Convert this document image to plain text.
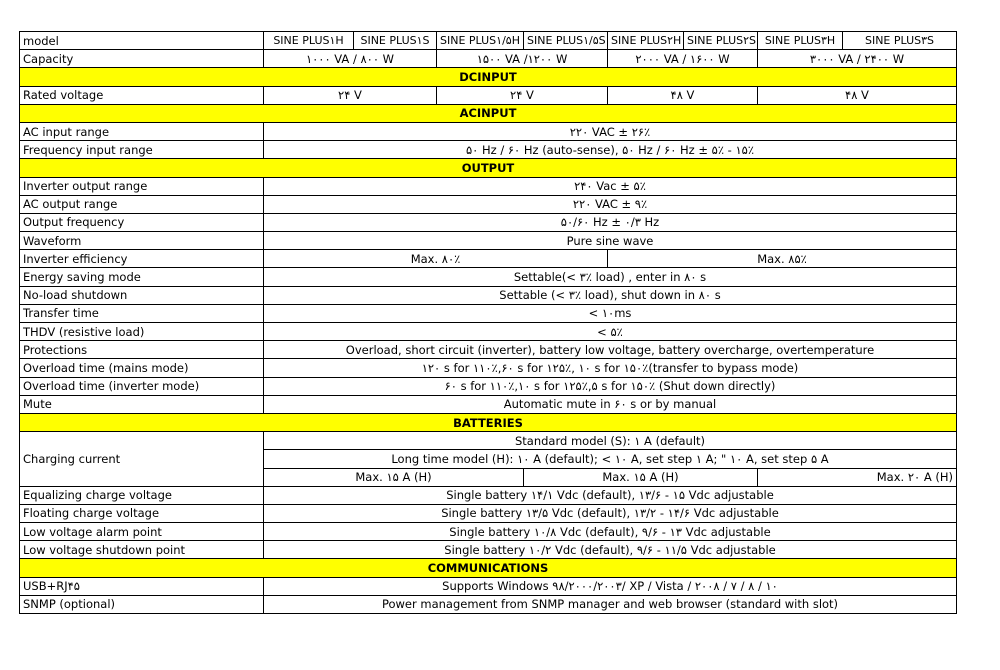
model	SINE PLUS۱H	SINE PLUS۱S	SINE PLUS۱/۵H	SINE PLUS۱/۵S	SINE PLUS۲H	SINE PLUS۲S	SINE PLUS۳H	SINE PLUS۳S
Capacity	۱۰۰۰ VA / ۸۰۰ W		۱۵۰۰ VA /۱۲۰۰ W		۲۰۰۰ VA / ۱۶۰۰ W		۳۰۰۰ VA / ۲۴۰۰ W	
DCINPUT								
Rated voltage	۲۴ V		۲۴ V		۴۸ V		۴۸ V	
ACINPUT								
AC input range	۲۲۰ VAC ± ۲۶٪							
Frequency input range	۵۰ Hz / ۶۰ Hz (auto-sense), ۵۰ Hz / ۶۰ Hz ± ۵٪ - ۱۵٪							
OUTPUT								
Inverter output range	۲۴۰ Vac ± ۵٪							
AC output range	۲۲۰ VAC ± ۹٪							
Output frequency	۵۰/۶۰ Hz ± ۰/۳ Hz							
Waveform	Pure sine wave							
Inverter efficiency	Max. ۸۰٪				Max. ۸۵٪			
Energy saving mode	Settable(< ۳٪ load) , enter in ۸۰ s							
No-load shutdown	Settable (< ۳٪ load), shut down in ۸۰ s							
Transfer time	< ۱۰ms							
THDV (resistive load)	< ۵٪							
Protections	Overload, short circuit (inverter), battery low voltage, battery overcharge, overtemperature							
Overload time (mains mode)	۱۲۰ s for ۱۱۰٪,۶۰ s for ۱۲۵٪, ۱۰ s for ۱۵۰٪(transfer to bypass mode)							
Overload time (inverter mode)	۶۰ s for ۱۱۰٪,۱۰ s for ۱۲۵٪,۵ s for ۱۵۰٪ (Shut down directly)							
Mute	Automatic mute in ۶۰ s or by manual							
BATTERIES								
Charging current	Standard model (S): ۱ A (default)							
	Long time model (H): ۱۰ A (default); < ۱۰ A, set step ۱ A; " ۱۰ A, set step ۵ A							
	Max. ۱۵ A (H)			Max. ۱۵ A (H)			Max. ۲۰ A (H)	
Equalizing charge voltage	Single battery ۱۴/۱ Vdc (default), ۱۳/۶ - ۱۵ Vdc adjustable							
Floating charge voltage	Single battery ۱۳/۵ Vdc (default), ۱۳/۲ - ۱۴/۶ Vdc adjustable							
Low voltage alarm point	Single battery ۱۰/۸ Vdc (default), ۹/۶ - ۱۳ Vdc adjustable							
Low voltage shutdown point	Single battery ۱۰/۲ Vdc (default), ۹/۶ - ۱۱/۵ Vdc adjustable							
COMMUNICATIONS								
USB+RJ۴۵	Supports Windows ۹۸/۲۰۰۰/۲۰۰۳/ XP / Vista / ۲۰۰۸ / ۷ / ۸ / ۱۰							
SNMP (optional)	Power management from SNMP manager and web browser (standard with slot)							
